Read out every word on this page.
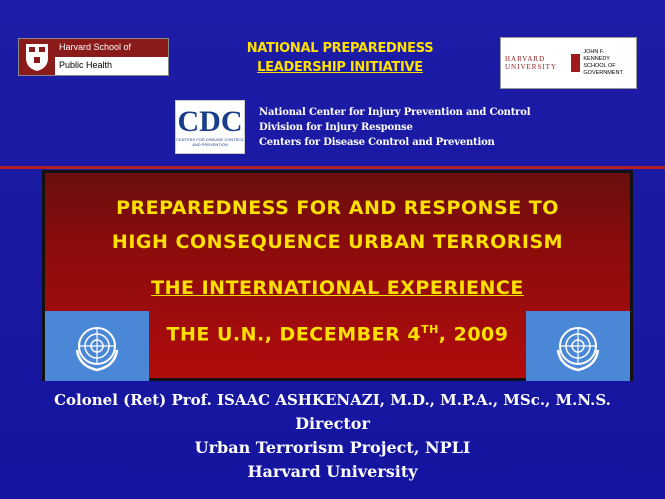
Harvard School of
Public Health
NATIONAL PREPAREDNESS
LEADERSHIP INITIATIVE
HARVARD UNIVERSITY
JOHN F. KENNEDY
SCHOOL OF GOVERNMENT
CDC
CENTERS FOR DISEASE CONTROL AND PREVENTION
National Center for Injury Prevention and Control
Division for Injury Response
Centers for Disease Control and Prevention
PREPAREDNESS FOR AND RESPONSE TO
HIGH CONSEQUENCE URBAN TERRORISM
THE INTERNATIONAL EXPERIENCE
THE U.N., DECEMBER 4TH, 2009
Colonel (Ret) Prof. ISAAC ASHKENAZI, M.D., M.P.A., MSc., M.N.S.
Director
Urban Terrorism Project, NPLI
Harvard University
